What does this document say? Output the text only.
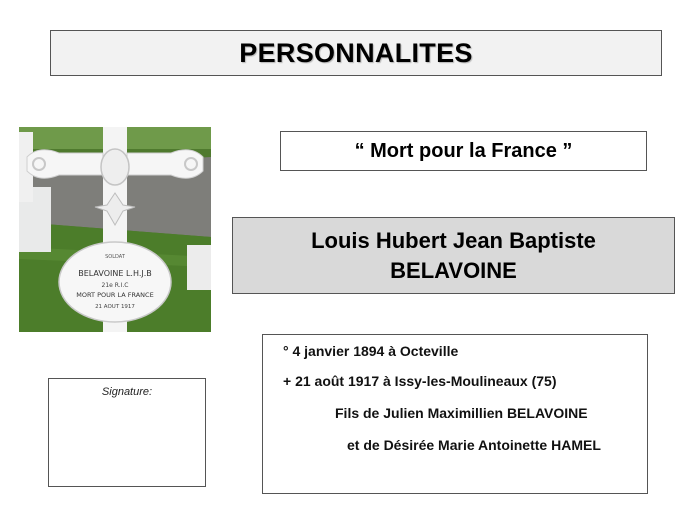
PERSONNALITES
SOLDAT
BELAVOINE L.H.J.B
21e R.I.C
MORT POUR LA FRANCE
21 AOUT 1917
“ Mort pour la France ”
Louis Hubert Jean Baptiste
BELAVOINE
Signature:
° 4 janvier 1894 à Octeville
+ 21 août 1917 à Issy-les-Moulineaux (75)
Fils de Julien Maximillien BELAVOINE
et de Désirée Marie Antoinette HAMEL
